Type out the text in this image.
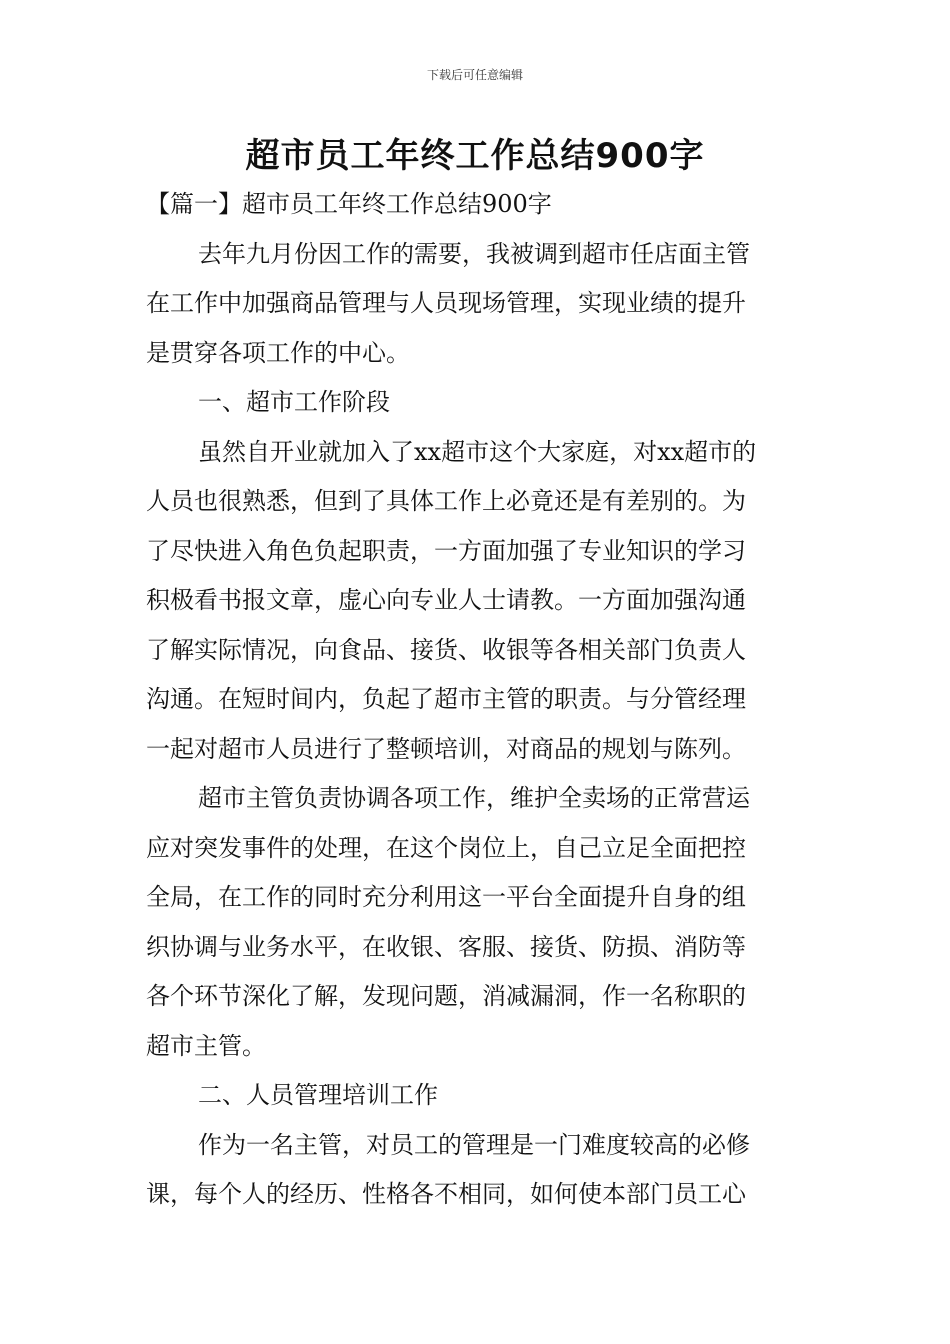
下载后可任意编辑
超市员工年终工作总结900字
【篇一】超市员工年终工作总结900字
去年九月份因工作的需要，我被调到超市任店面主管
在工作中加强商品管理与人员现场管理，实现业绩的提升
是贯穿各项工作的中心。
一、超市工作阶段
虽然自开业就加入了xx超市这个大家庭，对xx超市的
人员也很熟悉，但到了具体工作上必竟还是有差别的。为
了尽快进入角色负起职责，一方面加强了专业知识的学习
积极看书报文章，虚心向专业人士请教。一方面加强沟通
了解实际情况，向食品、接货、收银等各相关部门负责人
沟通。在短时间内，负起了超市主管的职责。与分管经理
一起对超市人员进行了整顿培训，对商品的规划与陈列。
超市主管负责协调各项工作，维护全卖场的正常营运
应对突发事件的处理，在这个岗位上，自己立足全面把控
全局，在工作的同时充分利用这一平台全面提升自身的组
织协调与业务水平，在收银、客服、接货、防损、消防等
各个环节深化了解，发现问题，消减漏洞，作一名称职的
超市主管。
二、人员管理培训工作
作为一名主管，对员工的管理是一门难度较高的必修
课，每个人的经历、性格各不相同，如何使本部门员工心
